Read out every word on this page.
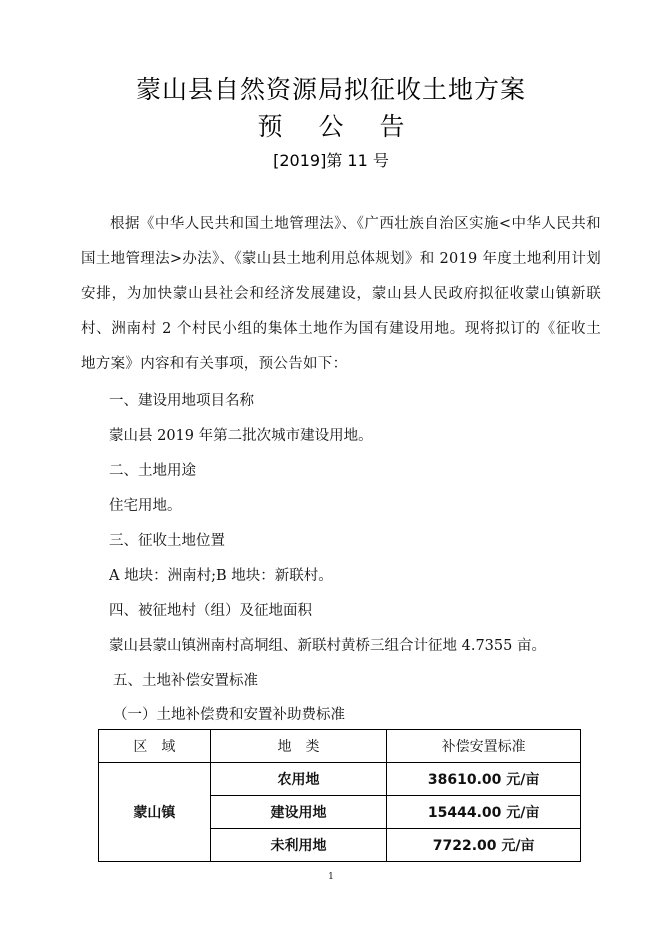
蒙山县自然资源局拟征收土地方案
预 公 告
[2019]第 11 号

根据《中华人民共和国土地管理法》、《广西壮族自治区实施<中华人民共和国土地管理法>办法》、《蒙山县土地利用总体规划》和 2019 年度土地利用计划安排，为加快蒙山县社会和经济发展建设，蒙山县人民政府拟征收蒙山镇新联村、洲南村 2 个村民小组的集体土地作为国有建设用地。现将拟订的《征收土地方案》内容和有关事项，预公告如下：

一、建设用地项目名称
蒙山县 2019 年第二批次城市建设用地。
二、土地用途
住宅用地。
三、征收土地位置
A 地块：洲南村;B 地块：新联村。
四、被征地村（组）及征地面积
蒙山县蒙山镇洲南村高垌组、新联村黄桥三组合计征地 4.7355 亩。
五、土地补偿安置标准
（一）土地补偿费和安置补助费标准
区　域	地　类	补偿安置标准
蒙山镇	农用地	38610.00 元/亩
	建设用地	15444.00 元/亩
	未利用地	7722.00 元/亩
1
